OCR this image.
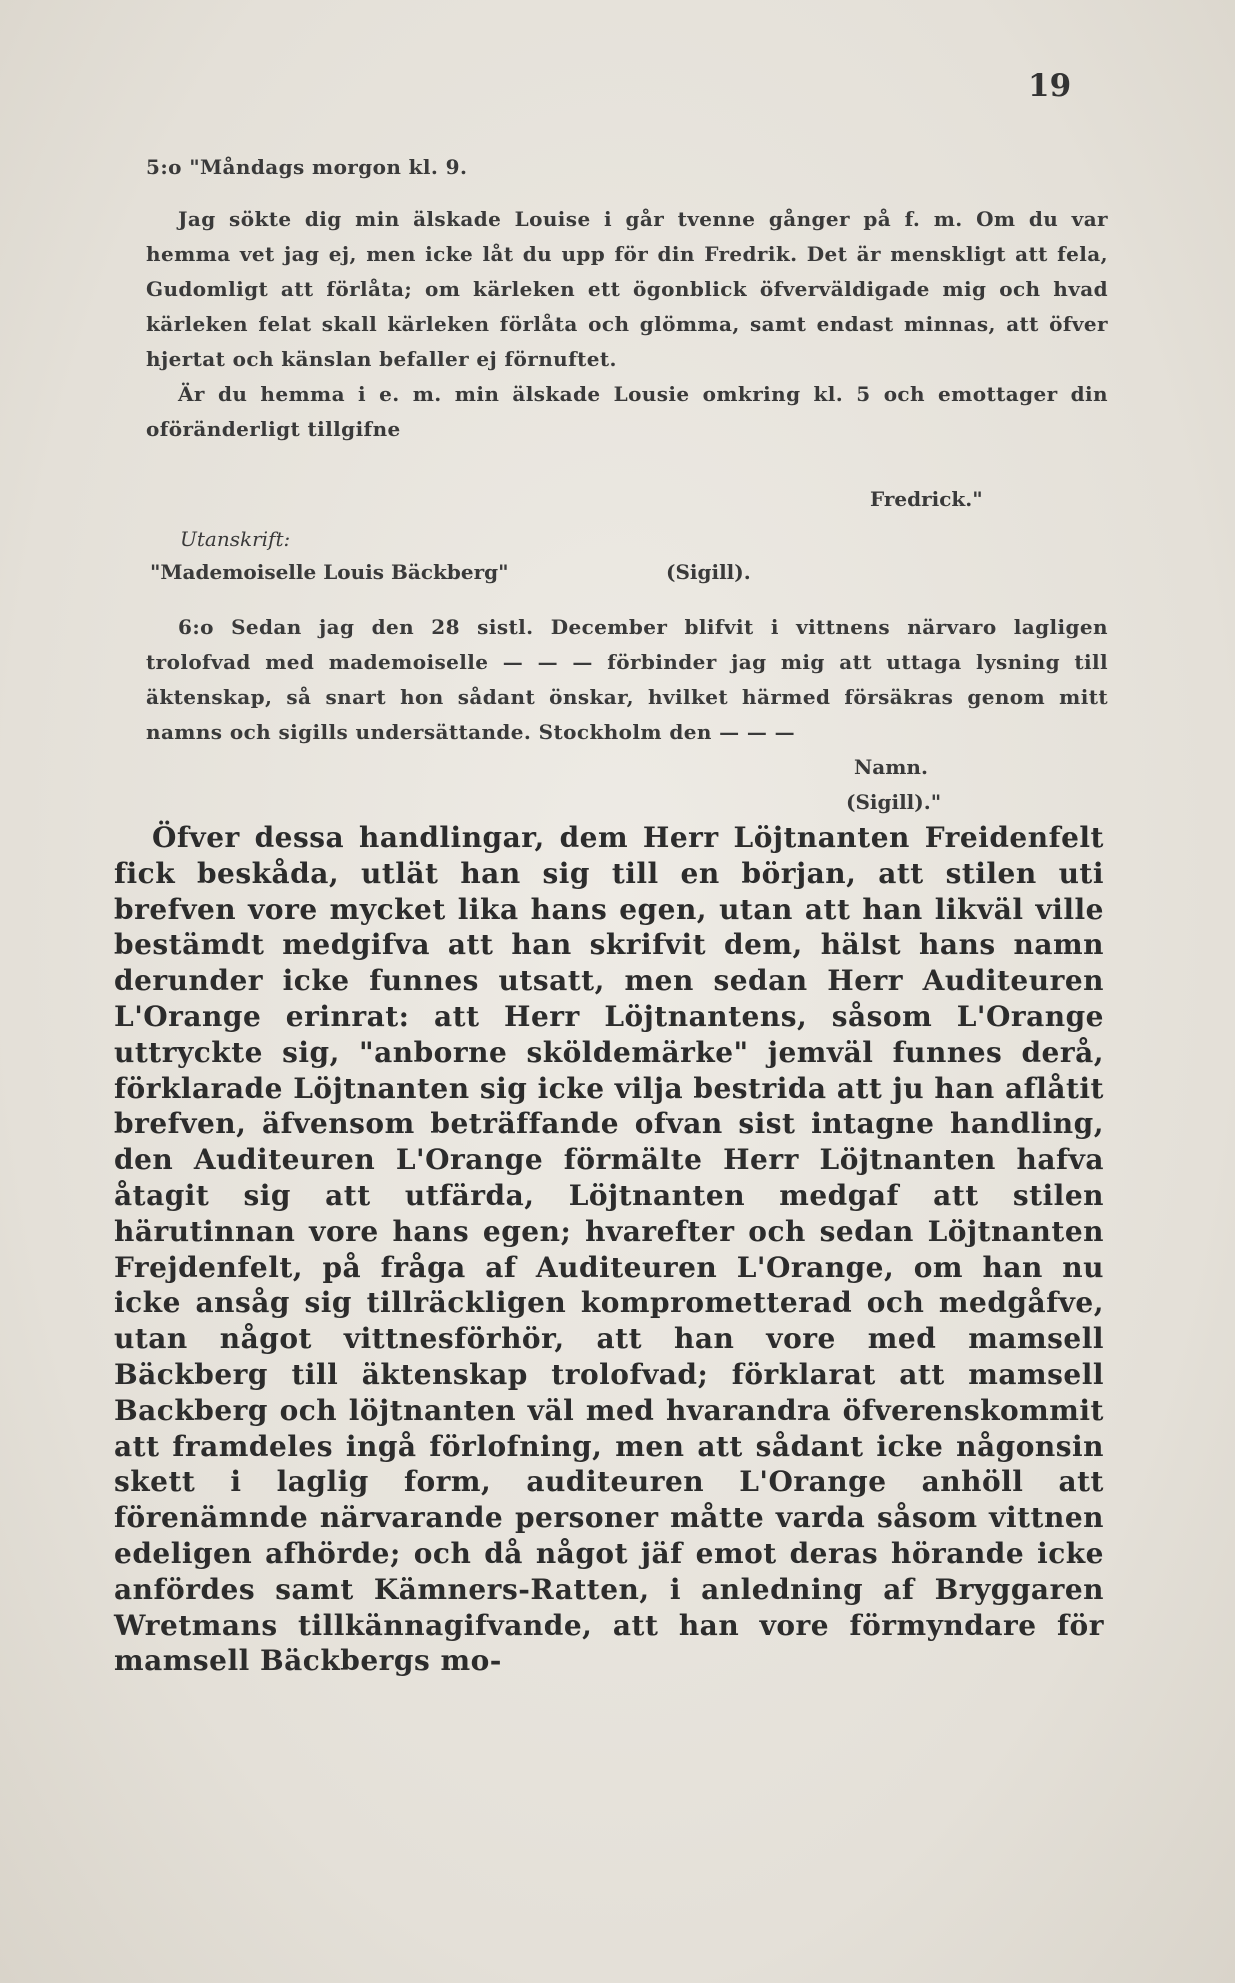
19
5:o "Måndags morgon kl. 9.

Jag sökte dig min älskade Louise i går tvenne gånger på f. m. Om du var hemma vet jag ej, men icke låt du upp för din Fredrik. Det är menskligt att fela, Gudomligt att förlåta; om kärleken ett ögonblick öfverväldigade mig och hvad kärleken felat skall kärleken förlåta och glömma, samt endast minnas, att öfver hjertat och känslan befaller ej förnuftet.

Är du hemma i e. m. min älskade Lousie omkring kl. 5 och emottager din oföränderligt tillgifne

Fredrick."
Utanskrift:
"Mademoiselle Louis Bäckberg"	(Sigill).

6:o Sedan jag den 28 sistl. December blifvit i vittnens närvaro lagligen trolofvad med mademoiselle — — — förbinder jag mig att uttaga lysning till äktenskap, så snart hon sådant önskar, hvilket härmed försäkras genom mitt namns och sigills undersättande. Stockholm den — — —

Namn.
(Sigill)."

Öfver dessa handlingar, dem Herr Löjtnanten Freidenfelt fick beskåda, utlät han sig till en början, att stilen uti brefven vore mycket lika hans egen, utan att han likväl ville bestämdt medgifva att han skrifvit dem, hälst hans namn derunder icke funnes utsatt, men sedan Herr Auditeuren L'Orange erinrat: att Herr Löjtnantens, såsom L'Orange uttryckte sig, "anborne sköldemärke" jemväl funnes derå, förklarade Löjtnanten sig icke vilja bestrida att ju han aflåtit brefven, äfvensom beträffande ofvan sist intagne handling, den Auditeuren L'Orange förmälte Herr Löjtnanten hafva åtagit sig att utfärda, Löjtnanten medgaf att stilen härutinnan vore hans egen; hvarefter och sedan Löjtnanten Frejdenfelt, på fråga af Auditeuren L'Orange, om han nu icke ansåg sig tillräckligen komprometterad och medgåfve, utan något vittnesförhör, att han vore med mamsell Bäckberg till äktenskap trolofvad; förklarat att mamsell Backberg och löjtnanten väl med hvarandra öfverenskommit att framdeles ingå förlofning, men att sådant icke någonsin skett i laglig form, auditeuren L'Orange anhöll att förenämnde närvarande personer måtte varda såsom vittnen edeligen afhörde; och då något jäf emot deras hörande icke anfördes samt Kämners-Ratten, i anledning af Bryggaren Wretmans tillkännagifvande, att han vore förmyndare för mamsell Bäckbergs mo-
